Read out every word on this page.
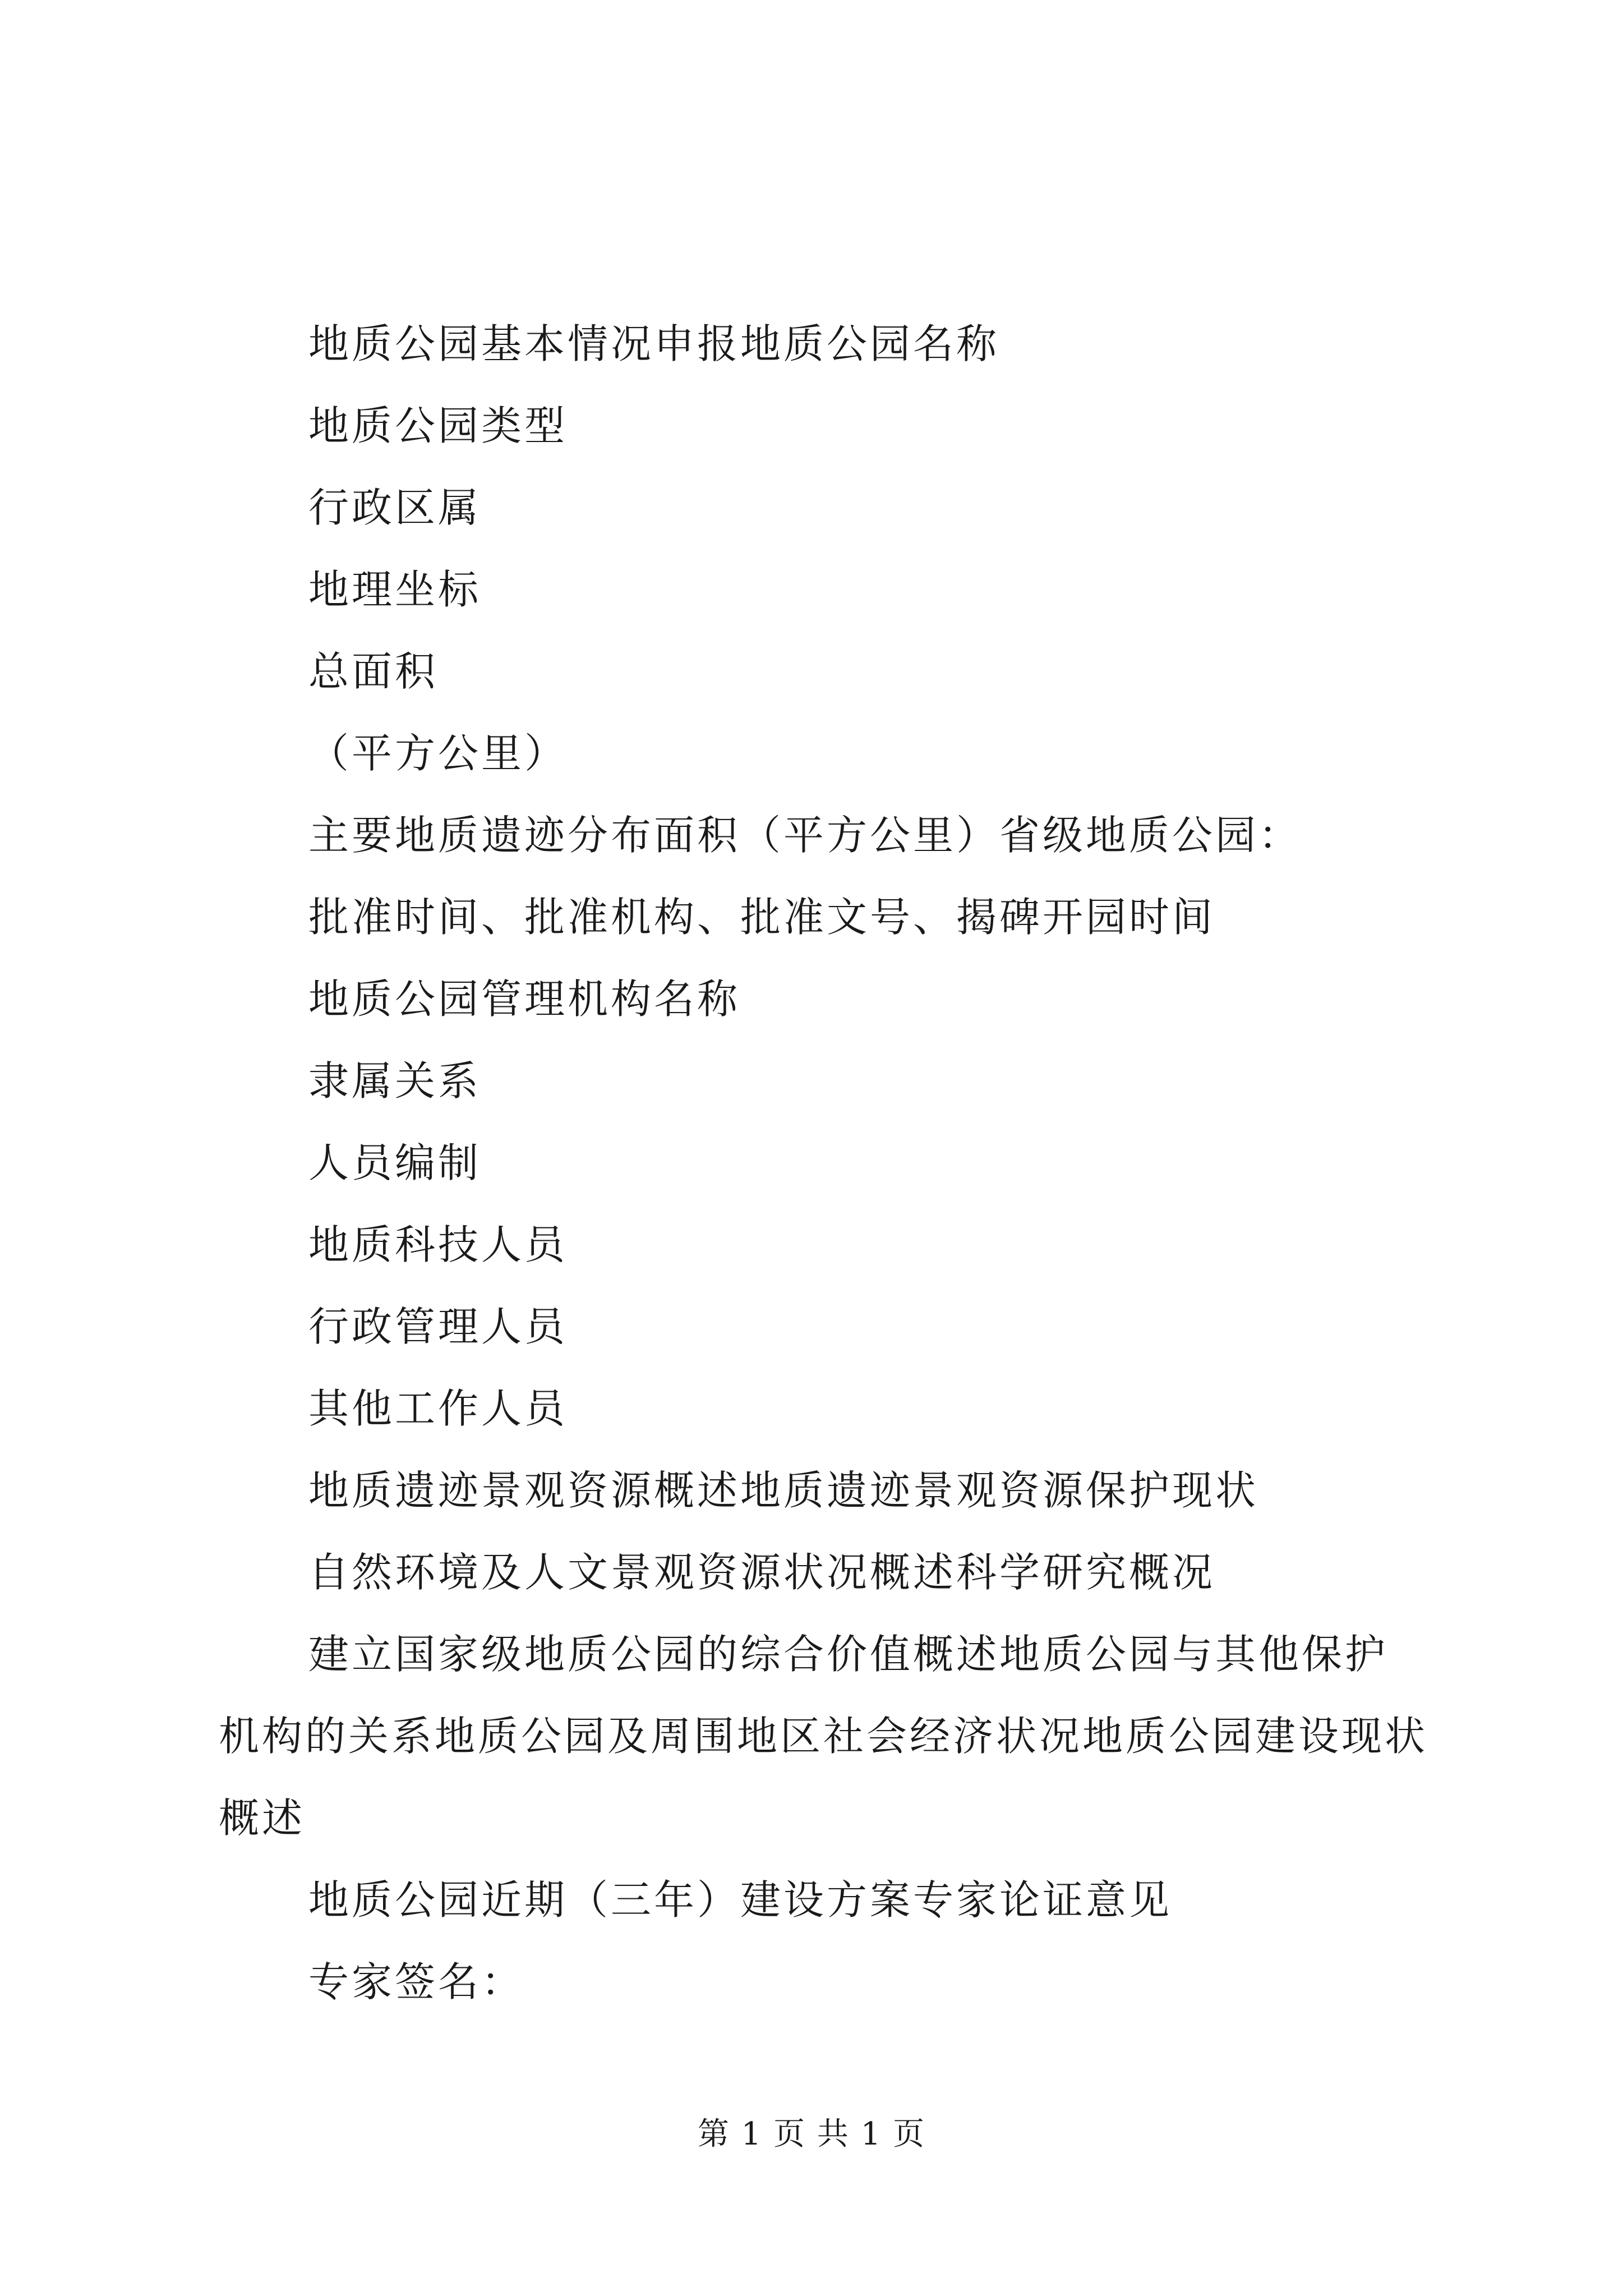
地质公园基本情况申报地质公园名称

地质公园类型

行政区属

地理坐标

总面积

（平方公里）

主要地质遗迹分布面积（平方公里）省级地质公园：

批准时间、批准机构、批准文号、揭碑开园时间

地质公园管理机构名称

隶属关系

人员编制

地质科技人员

行政管理人员

其他工作人员

地质遗迹景观资源概述地质遗迹景观资源保护现状

自然环境及人文景观资源状况概述科学研究概况

建立国家级地质公园的综合价值概述地质公园与其他保护机构的关系地质公园及周围地区社会经济状况地质公园建设现状概述

地质公园近期（三年）建设方案专家论证意见

专家签名：

第 1 页 共 1 页
